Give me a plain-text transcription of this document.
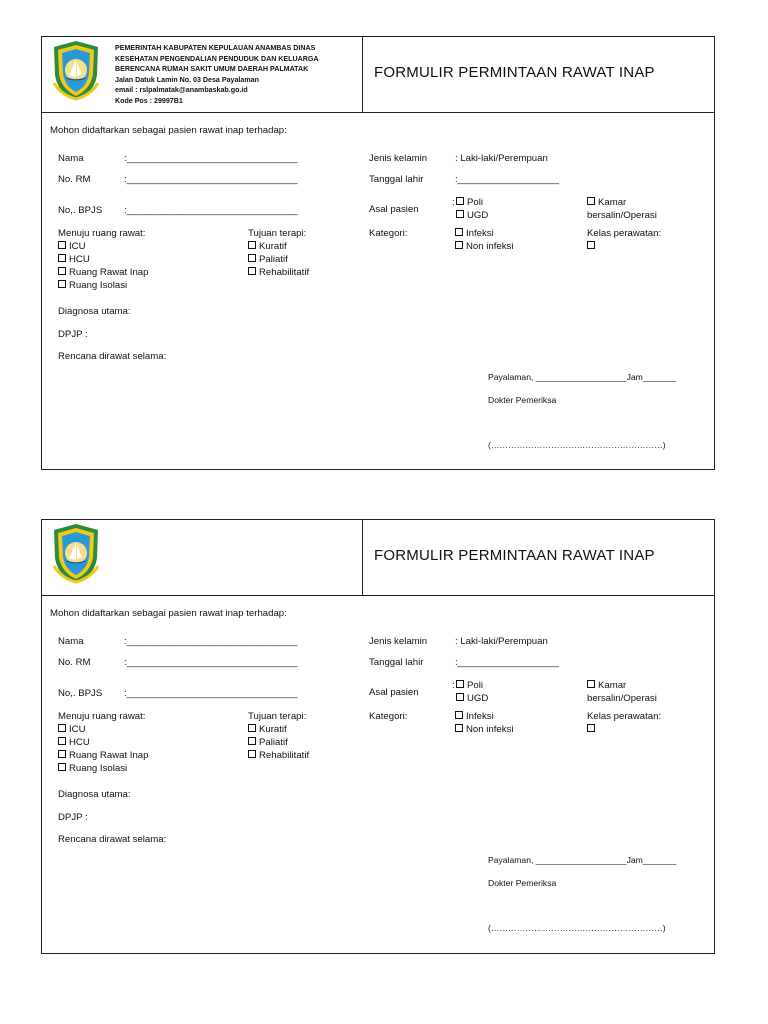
PEMERINTAH KABUPATEN KEPULAUAN ANAMBAS DINAS
KESEHATAN PENGENDALIAN PENDUDUK DAN KELUARGA
BERENCANA RUMAH SAKIT UMUM DAERAH PALMATAK
Jalan Datuk Lamin No. 03 Desa Payalaman
email : rslpalmatak@anambaskab.go.id
Kode Pos : 29997B1
FORMULIR PERMINTAAN RAWAT INAP
Mohon didaftarkan sebagai pasien rawat inap terhadap:
Nama	:________________________________
No. RM	:________________________________
No,. BPJS :________________________________
Jenis kelamin	: Laki-laki/Perempuan
Tanggal lahir	:___________________
Asal pasien
:	Poli
UGD
Kamar
bersalin/Operasi
Menuju ruang rawat:
ICU
HCU
Ruang Rawat Inap
Ruang Isolasi
Tujuan terapi:
Kuratif
Paliatif
Rehabilitatif
Kategori:	Infeksi
Non infeksi
Kelas perawatan:
Diagnosa utama:
DPJP :
Rencana dirawat selama:
Payalaman, ___________________Jam_______
Dokter Pemeriksa
(……………………………………………………)
FORMULIR PERMINTAAN RAWAT INAP
Mohon didaftarkan sebagai pasien rawat inap terhadap:
Nama	:________________________________
No. RM	:________________________________
No,. BPJS :________________________________
Jenis kelamin	: Laki-laki/Perempuan
Tanggal lahir	:___________________
Asal pasien
:	Poli
UGD
Kamar
bersalin/Operasi
Menuju ruang rawat:
ICU
HCU
Ruang Rawat Inap
Ruang Isolasi
Tujuan terapi:
Kuratif
Paliatif
Rehabilitatif
Kategori:	Infeksi
Non infeksi
Kelas perawatan:
Diagnosa utama:
DPJP :
Rencana dirawat selama:
Payalaman, ___________________Jam_______
Dokter Pemeriksa
(……………………………………………………)
